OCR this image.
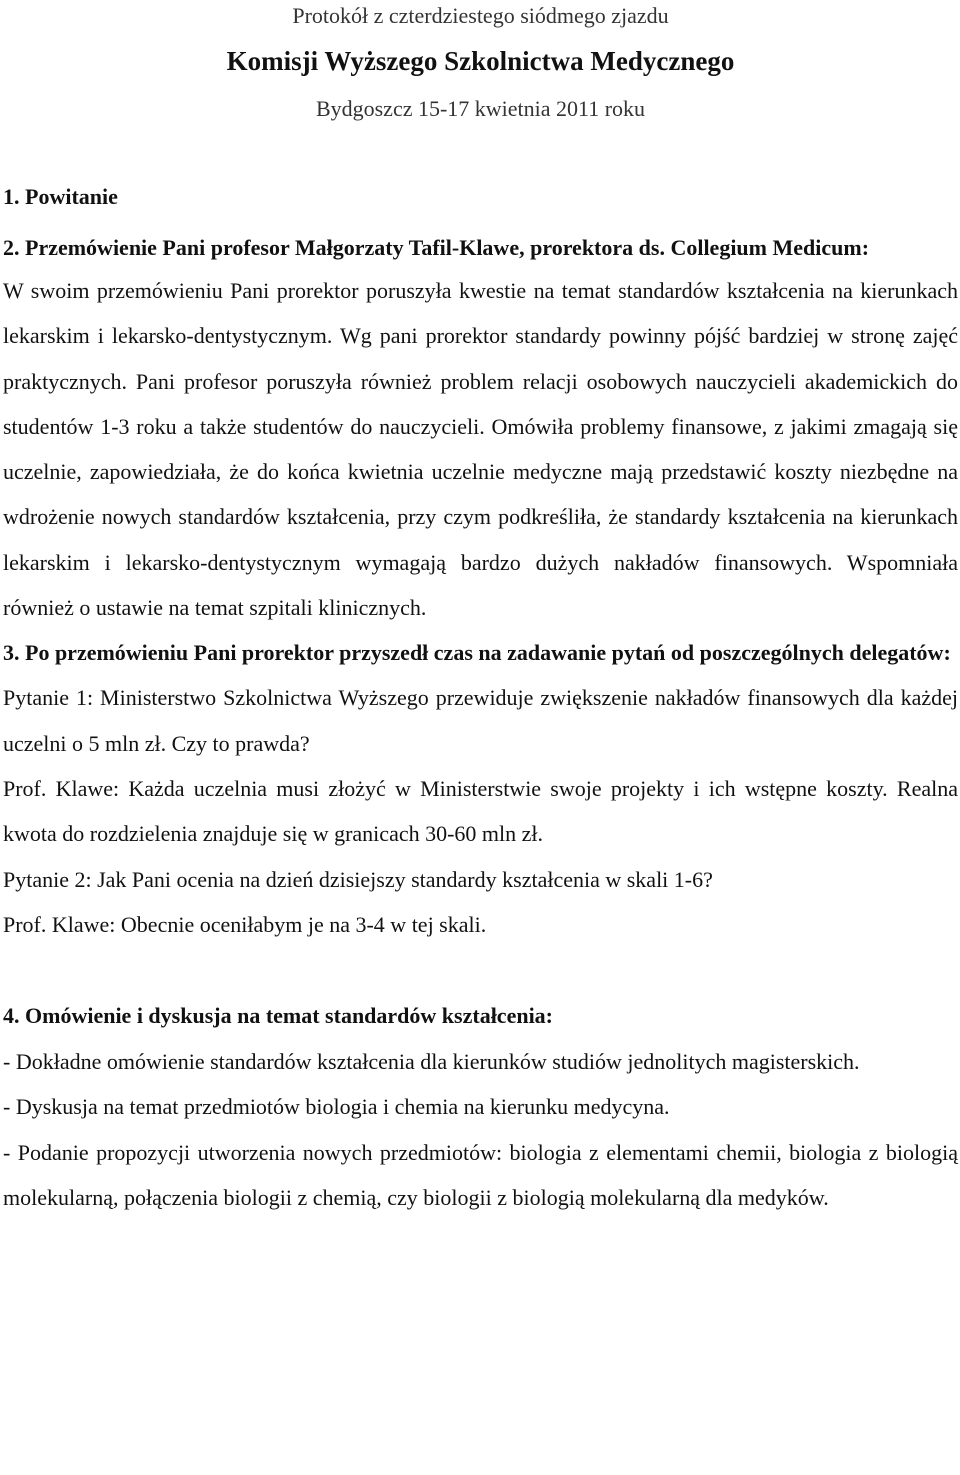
Protokół z czterdziestego siódmego zjazdu

Komisji Wyższego Szkolnictwa Medycznego

Bydgoszcz 15-17 kwietnia 2011 roku

1. Powitanie

2. Przemówienie Pani profesor Małgorzaty Tafil-Klawe, prorektora ds. Collegium Medicum:

W swoim przemówieniu Pani prorektor poruszyła kwestie na temat standardów kształcenia na kierunkach lekarskim i lekarsko-dentystycznym. Wg pani prorektor standardy powinny pójść bardziej w stronę zajęć praktycznych. Pani profesor poruszyła również problem relacji osobowych nauczycieli akademickich do studentów 1-3 roku a także studentów do nauczycieli. Omówiła problemy finansowe, z jakimi zmagają się uczelnie, zapowiedziała, że do końca kwietnia uczelnie medyczne mają przedstawić koszty niezbędne na wdrożenie nowych standardów kształcenia, przy czym podkreśliła, że standardy kształcenia na kierunkach lekarskim i lekarsko-dentystycznym wymagają bardzo dużych nakładów finansowych. Wspomniała również o ustawie na temat szpitali klinicznych.

3. Po przemówieniu Pani prorektor przyszedł czas na zadawanie pytań od poszczególnych delegatów:

Pytanie 1: Ministerstwo Szkolnictwa Wyższego przewiduje zwiększenie nakładów finansowych dla każdej uczelni o 5 mln zł. Czy to prawda?

Prof. Klawe: Każda uczelnia musi złożyć w Ministerstwie swoje projekty i ich wstępne koszty. Realna kwota do rozdzielenia znajduje się w granicach 30-60 mln zł.

Pytanie 2: Jak Pani ocenia na dzień dzisiejszy standardy kształcenia w skali 1-6?

Prof. Klawe: Obecnie oceniłabym je na 3-4 w tej skali.

4. Omówienie i dyskusja na temat standardów kształcenia:

- Dokładne omówienie standardów kształcenia dla kierunków studiów jednolitych magisterskich.

- Dyskusja na temat przedmiotów biologia i chemia na kierunku medycyna.

- Podanie propozycji utworzenia nowych przedmiotów: biologia z elementami chemii, biologia z biologią molekularną, połączenia biologii z chemią, czy biologii z biologią molekularną dla medyków.
